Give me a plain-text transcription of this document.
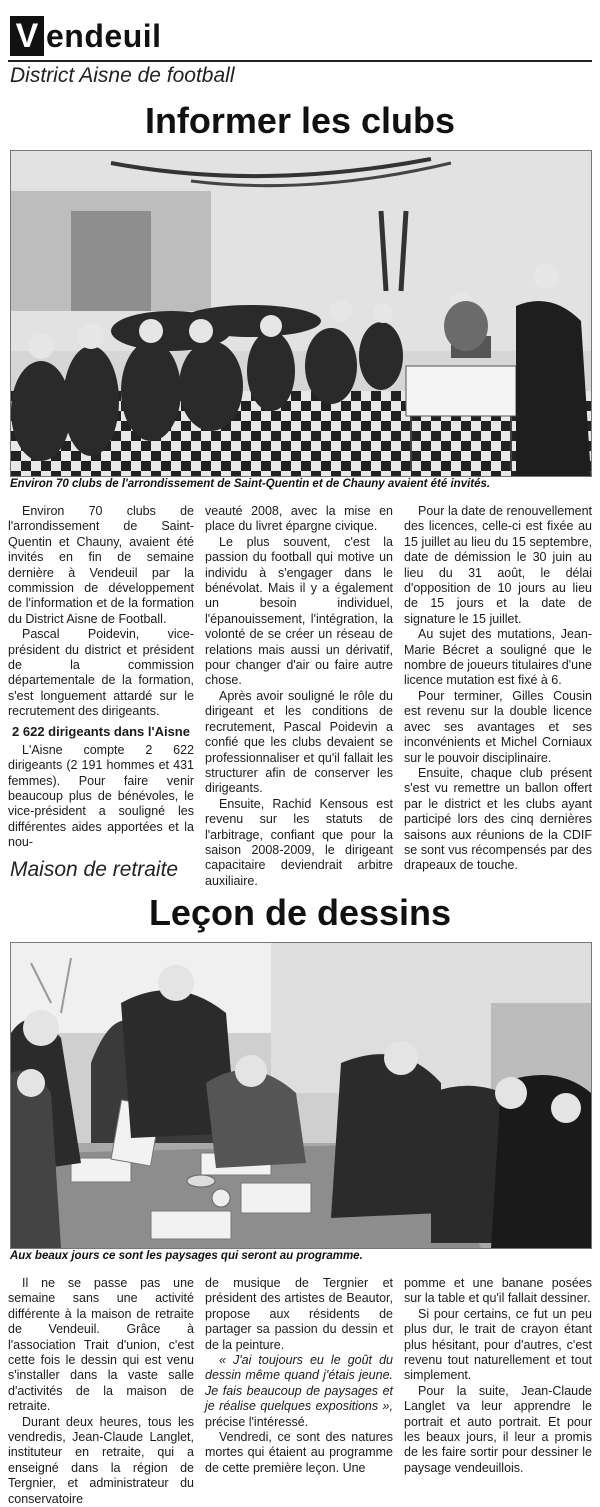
V endeuil
District Aisne de football
Informer les clubs
Environ 70 clubs de l'arrondissement de Saint-Quentin et de Chauny avaient été invités.

Environ 70 clubs de l'arrondissement de Saint-Quentin et Chauny, avaient été invités en fin de semaine dernière à Vendeuil par la commission de développement de l'information et de la formation du District Aisne de Football.

Pascal Poidevin, vice-président du district et président de la commission départementale de la formation, s'est longuement attardé sur le recrutement des dirigeants.

2 622 dirigeants dans l'Aisne

L'Aisne compte 2 622 dirigeants (2 191 hommes et 431 femmes). Pour faire venir beaucoup plus de bénévoles, le vice-président a souligné les différentes aides apportées et la nou-

veauté 2008, avec la mise en place du livret épargne civique.

Le plus souvent, c'est la passion du football qui motive un individu à s'engager dans le bénévolat. Mais il y a également un besoin individuel, l'épanouissement, l'intégration, la volonté de se créer un réseau de relations mais aussi un dérivatif, pour changer d'air ou faire autre chose.

Après avoir souligné le rôle du dirigeant et les conditions de recrutement, Pascal Poidevin a confié que les clubs devaient se professionnaliser et qu'il fallait les structurer afin de conserver les dirigeants.

Ensuite, Rachid Kensous est revenu sur les statuts de l'arbitrage, confiant que pour la saison 2008-2009, le dirigeant capacitaire deviendrait arbitre auxiliaire.

Pour la date de renouvellement des licences, celle-ci est fixée au 15 juillet au lieu du 15 septembre, date de démission le 30 juin au lieu du 31 août, le délai d'opposition de 10 jours au lieu de 15 jours et la date de signature le 15 juillet.

Au sujet des mutations, Jean-Marie Bécret a souligné que le nombre de joueurs titulaires d'une licence mutation est fixé à 6.

Pour terminer, Gilles Cousin est revenu sur la double licence avec ses avantages et ses inconvénients et Michel Corniaux sur le pouvoir disciplinaire.

Ensuite, chaque club présent s'est vu remettre un ballon offert par le district et les clubs ayant participé lors des cinq dernières saisons aux réunions de la CDIF se sont vus récompensés par des drapeaux de touche.

Maison de retraite
Leçon de dessins
Aux beaux jours ce sont les paysages qui seront au programme.

Il ne se passe pas une semaine sans une activité différente à la maison de retraite de Vendeuil. Grâce à l'association Trait d'union, c'est cette fois le dessin qui est venu s'installer dans la vaste salle d'activités de la maison de retraite.

Durant deux heures, tous les vendredis, Jean-Claude Langlet, instituteur en retraite, qui a enseigné dans la région de Tergnier, et administrateur du conservatoire

de musique de Tergnier et président des artistes de Beautor, propose aux résidents de partager sa passion du dessin et de la peinture.

« J'ai toujours eu le goût du dessin même quand j'étais jeune. Je fais beaucoup de paysages et je réalise quelques expositions », précise l'intéressé.

Vendredi, ce sont des natures mortes qui étaient au programme de cette première leçon. Une

pomme et une banane posées sur la table et qu'il fallait dessiner.

Si pour certains, ce fut un peu plus dur, le trait de crayon étant plus hésitant, pour d'autres, c'est revenu tout naturellement et tout simplement.

Pour la suite, Jean-Claude Langlet va leur apprendre le portrait et auto portrait. Et pour les beaux jours, il leur a promis de les faire sortir pour dessiner le paysage vendeuillois.
